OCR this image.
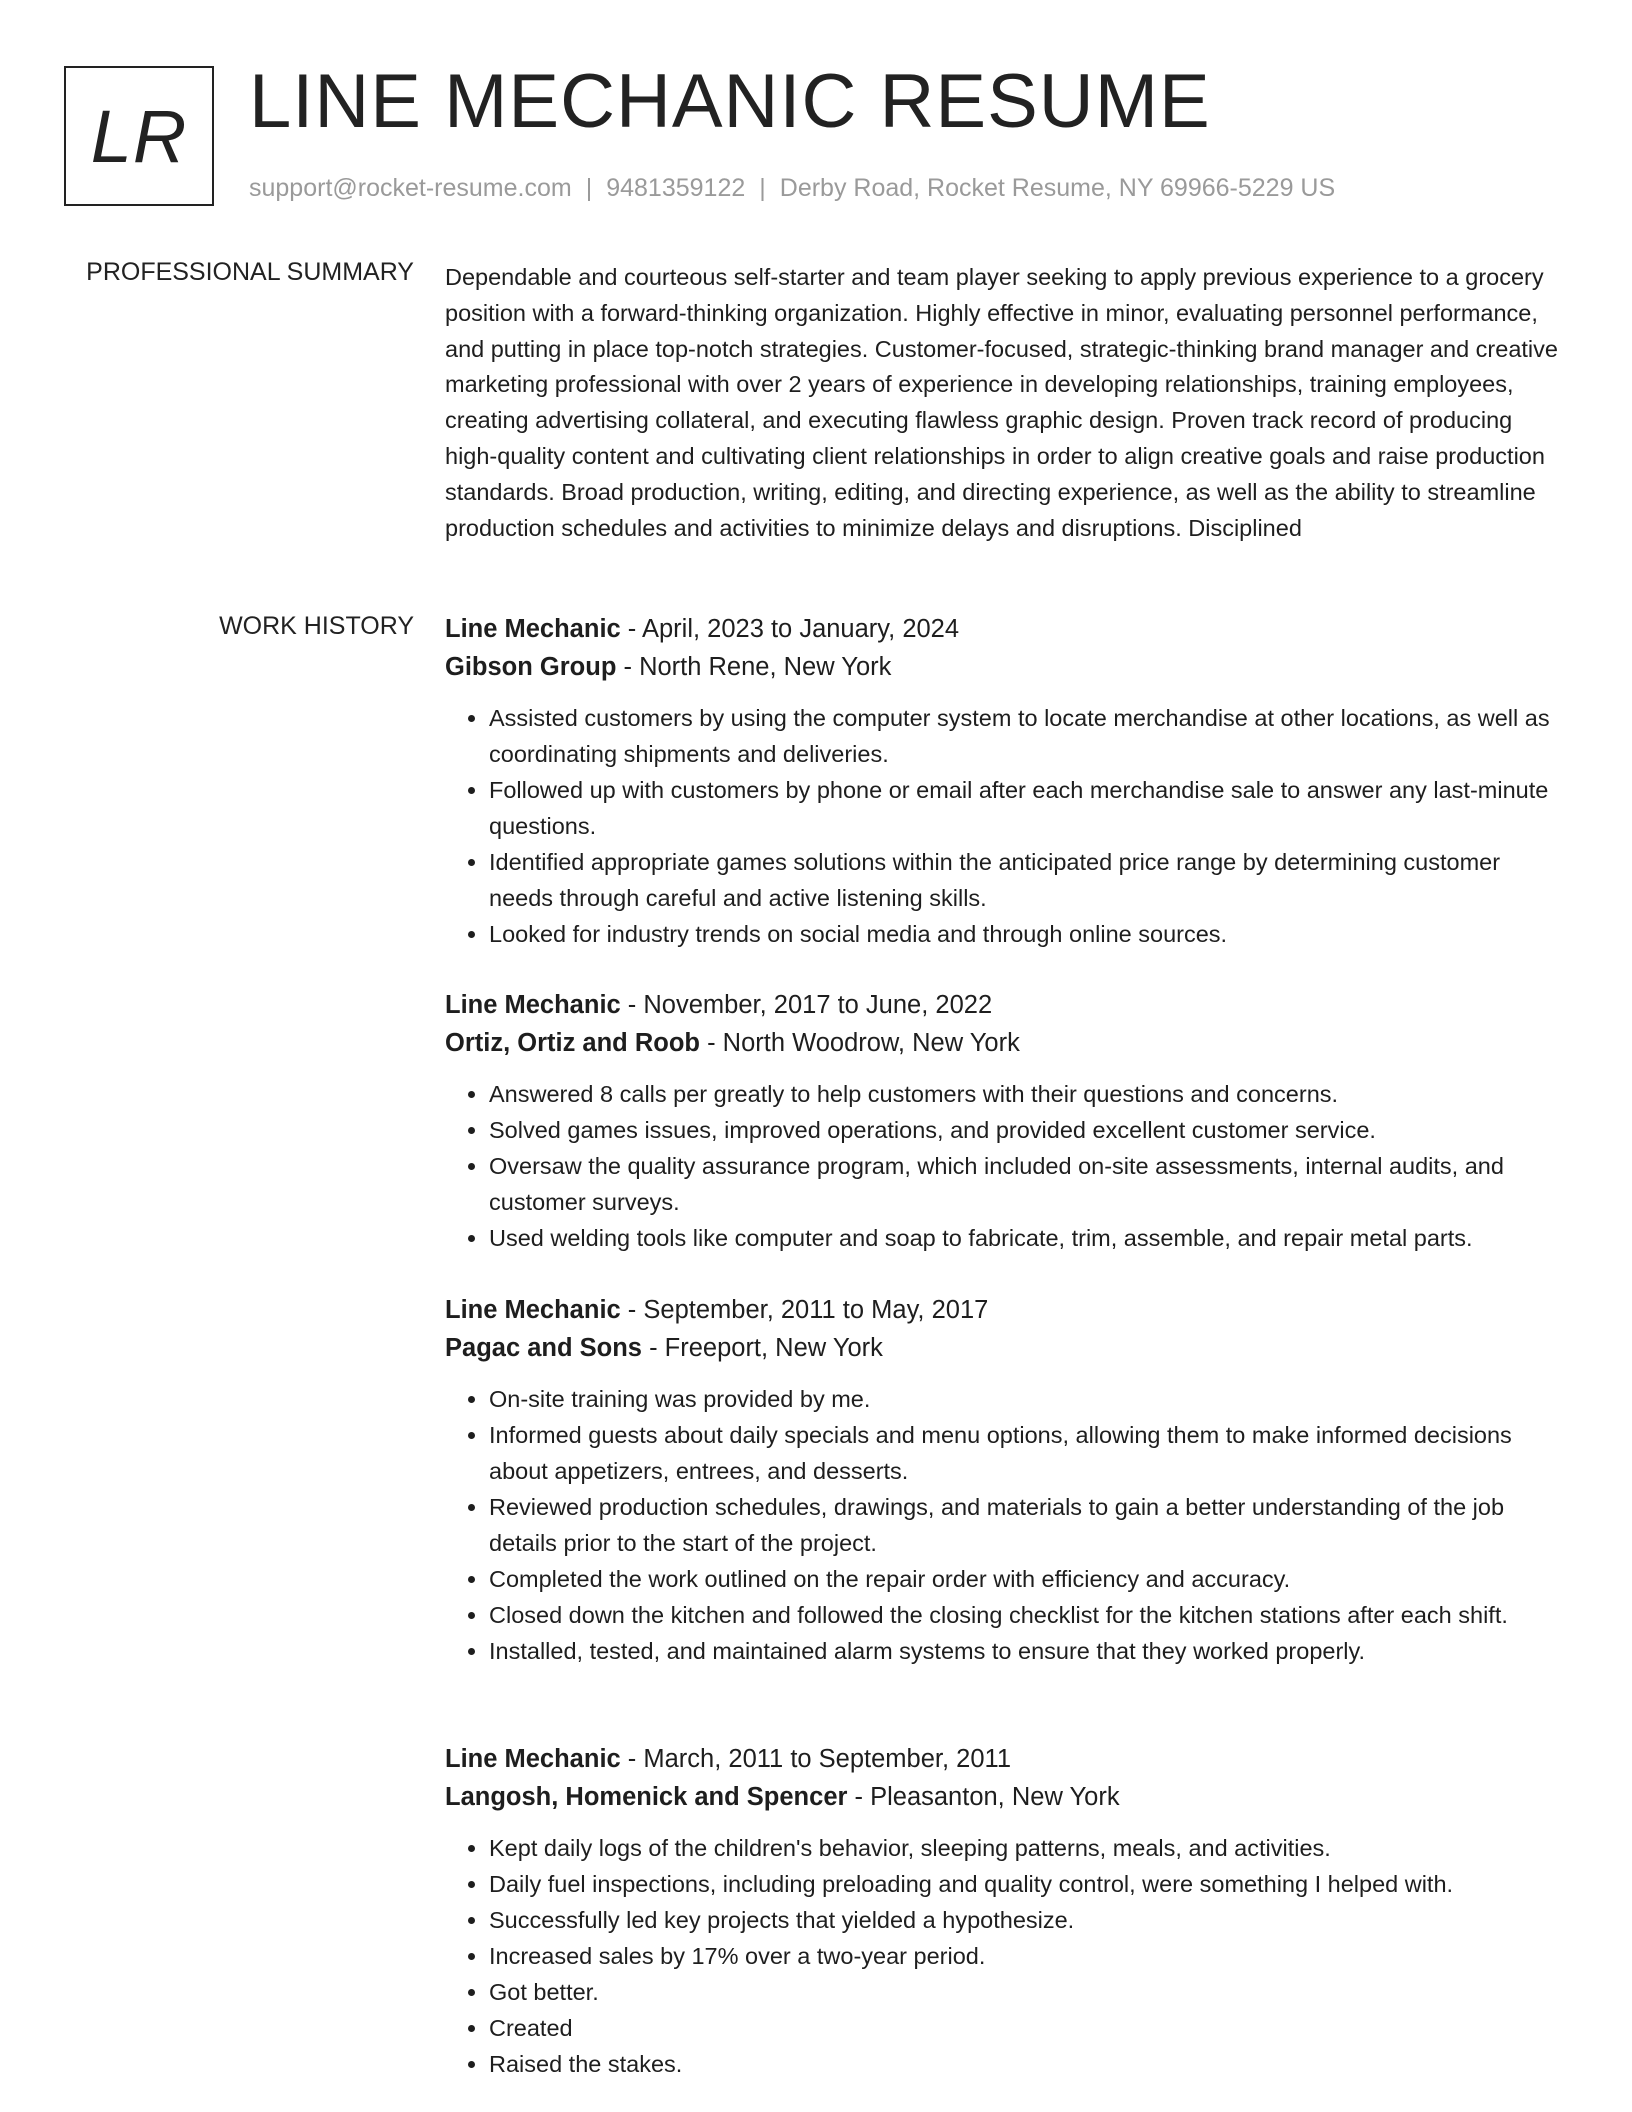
LR LINE MECHANIC RESUME
support@rocket-resume.com | 9481359122 | Derby Road, Rocket Resume, NY 69966-5229 US
PROFESSIONAL SUMMARY Dependable and courteous self-starter and team player seeking to apply previous experience to a grocery position with a forward-thinking organization. Highly effective in minor, evaluating personnel performance, and putting in place top-notch strategies. Customer-focused, strategic-thinking brand manager and creative marketing professional with over 2 years of experience in developing relationships, training employees, creating advertising collateral, and executing flawless graphic design. Proven track record of producing high-quality content and cultivating client relationships in order to align creative goals and raise production standards. Broad production, writing, editing, and directing experience, as well as the ability to streamline production schedules and activities to minimize delays and disruptions. Disciplined

WORK HISTORY Line Mechanic - April, 2023 to January, 2024
Gibson Group - North Rene, New York
• Assisted customers by using the computer system to locate merchandise at other locations, as well as coordinating shipments and deliveries.
• Followed up with customers by phone or email after each merchandise sale to answer any last-minute questions.
• Identified appropriate games solutions within the anticipated price range by determining customer needs through careful and active listening skills.
• Looked for industry trends on social media and through online sources.
Line Mechanic - November, 2017 to June, 2022
Ortiz, Ortiz and Roob - North Woodrow, New York
• Answered 8 calls per greatly to help customers with their questions and concerns.
• Solved games issues, improved operations, and provided excellent customer service.
• Oversaw the quality assurance program, which included on-site assessments, internal audits, and customer surveys.
• Used welding tools like computer and soap to fabricate, trim, assemble, and repair metal parts.
Line Mechanic - September, 2011 to May, 2017
Pagac and Sons - Freeport, New York
• On-site training was provided by me.
• Informed guests about daily specials and menu options, allowing them to make informed decisions about appetizers, entrees, and desserts.
• Reviewed production schedules, drawings, and materials to gain a better understanding of the job details prior to the start of the project.
• Completed the work outlined on the repair order with efficiency and accuracy.
• Closed down the kitchen and followed the closing checklist for the kitchen stations after each shift.
• Installed, tested, and maintained alarm systems to ensure that they worked properly.
Line Mechanic - March, 2011 to September, 2011
Langosh, Homenick and Spencer - Pleasanton, New York
• Kept daily logs of the children's behavior, sleeping patterns, meals, and activities.
• Daily fuel inspections, including preloading and quality control, were something I helped with.
• Successfully led key projects that yielded a hypothesize.
• Increased sales by 17% over a two-year period.
• Got better.
• Created
• Raised the stakes.
